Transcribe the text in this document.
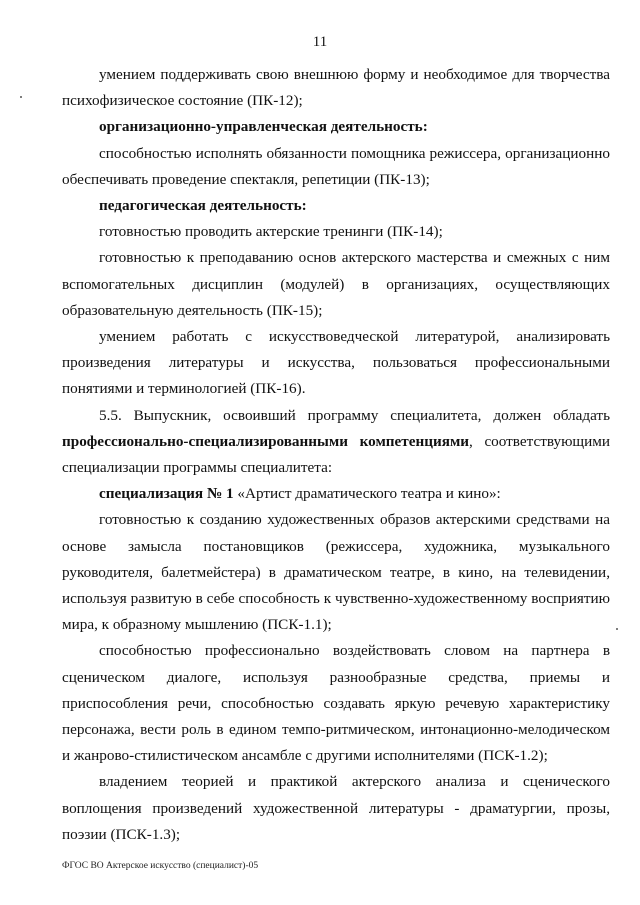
11

умением поддерживать свою внешнюю форму и необходимое для творчества психофизическое состояние (ПК-12);

организационно-управленческая деятельность:

способностью исполнять обязанности помощника режиссера, организационно обеспечивать проведение спектакля, репетиции (ПК-13);

педагогическая деятельность:

готовностью проводить актерские тренинги (ПК-14);

готовностью к преподаванию основ актерского мастерства и смежных с ним вспомогательных дисциплин (модулей) в организациях, осуществляющих образовательную деятельность (ПК-15);

умением работать с искусствоведческой литературой, анализировать произведения литературы и искусства, пользоваться профессиональными понятиями и терминологией (ПК-16).

5.5. Выпускник, освоивший программу специалитета, должен обладать профессионально-специализированными компетенциями, соответствующими специализации программы специалитета:

специализация № 1 «Артист драматического театра и кино»:

готовностью к созданию художественных образов актерскими средствами на основе замысла постановщиков (режиссера, художника, музыкального руководителя, балетмейстера) в драматическом театре, в кино, на телевидении, используя развитую в себе способность к чувственно-художественному восприятию мира, к образному мышлению (ПСК-1.1);

способностью профессионально воздействовать словом на партнера в сценическом диалоге, используя разнообразные средства, приемы и приспособления речи, способностью создавать яркую речевую характеристику персонажа, вести роль в едином темпо-ритмическом, интонационно-мелодическом и жанрово-стилистическом ансамбле с другими исполнителями (ПСК-1.2);

владением теорией и практикой актерского анализа и сценического воплощения произведений художественной литературы - драматургии, прозы, поэзии (ПСК-1.3);

ФГОС ВО Актерское искусство (специалист)-05
